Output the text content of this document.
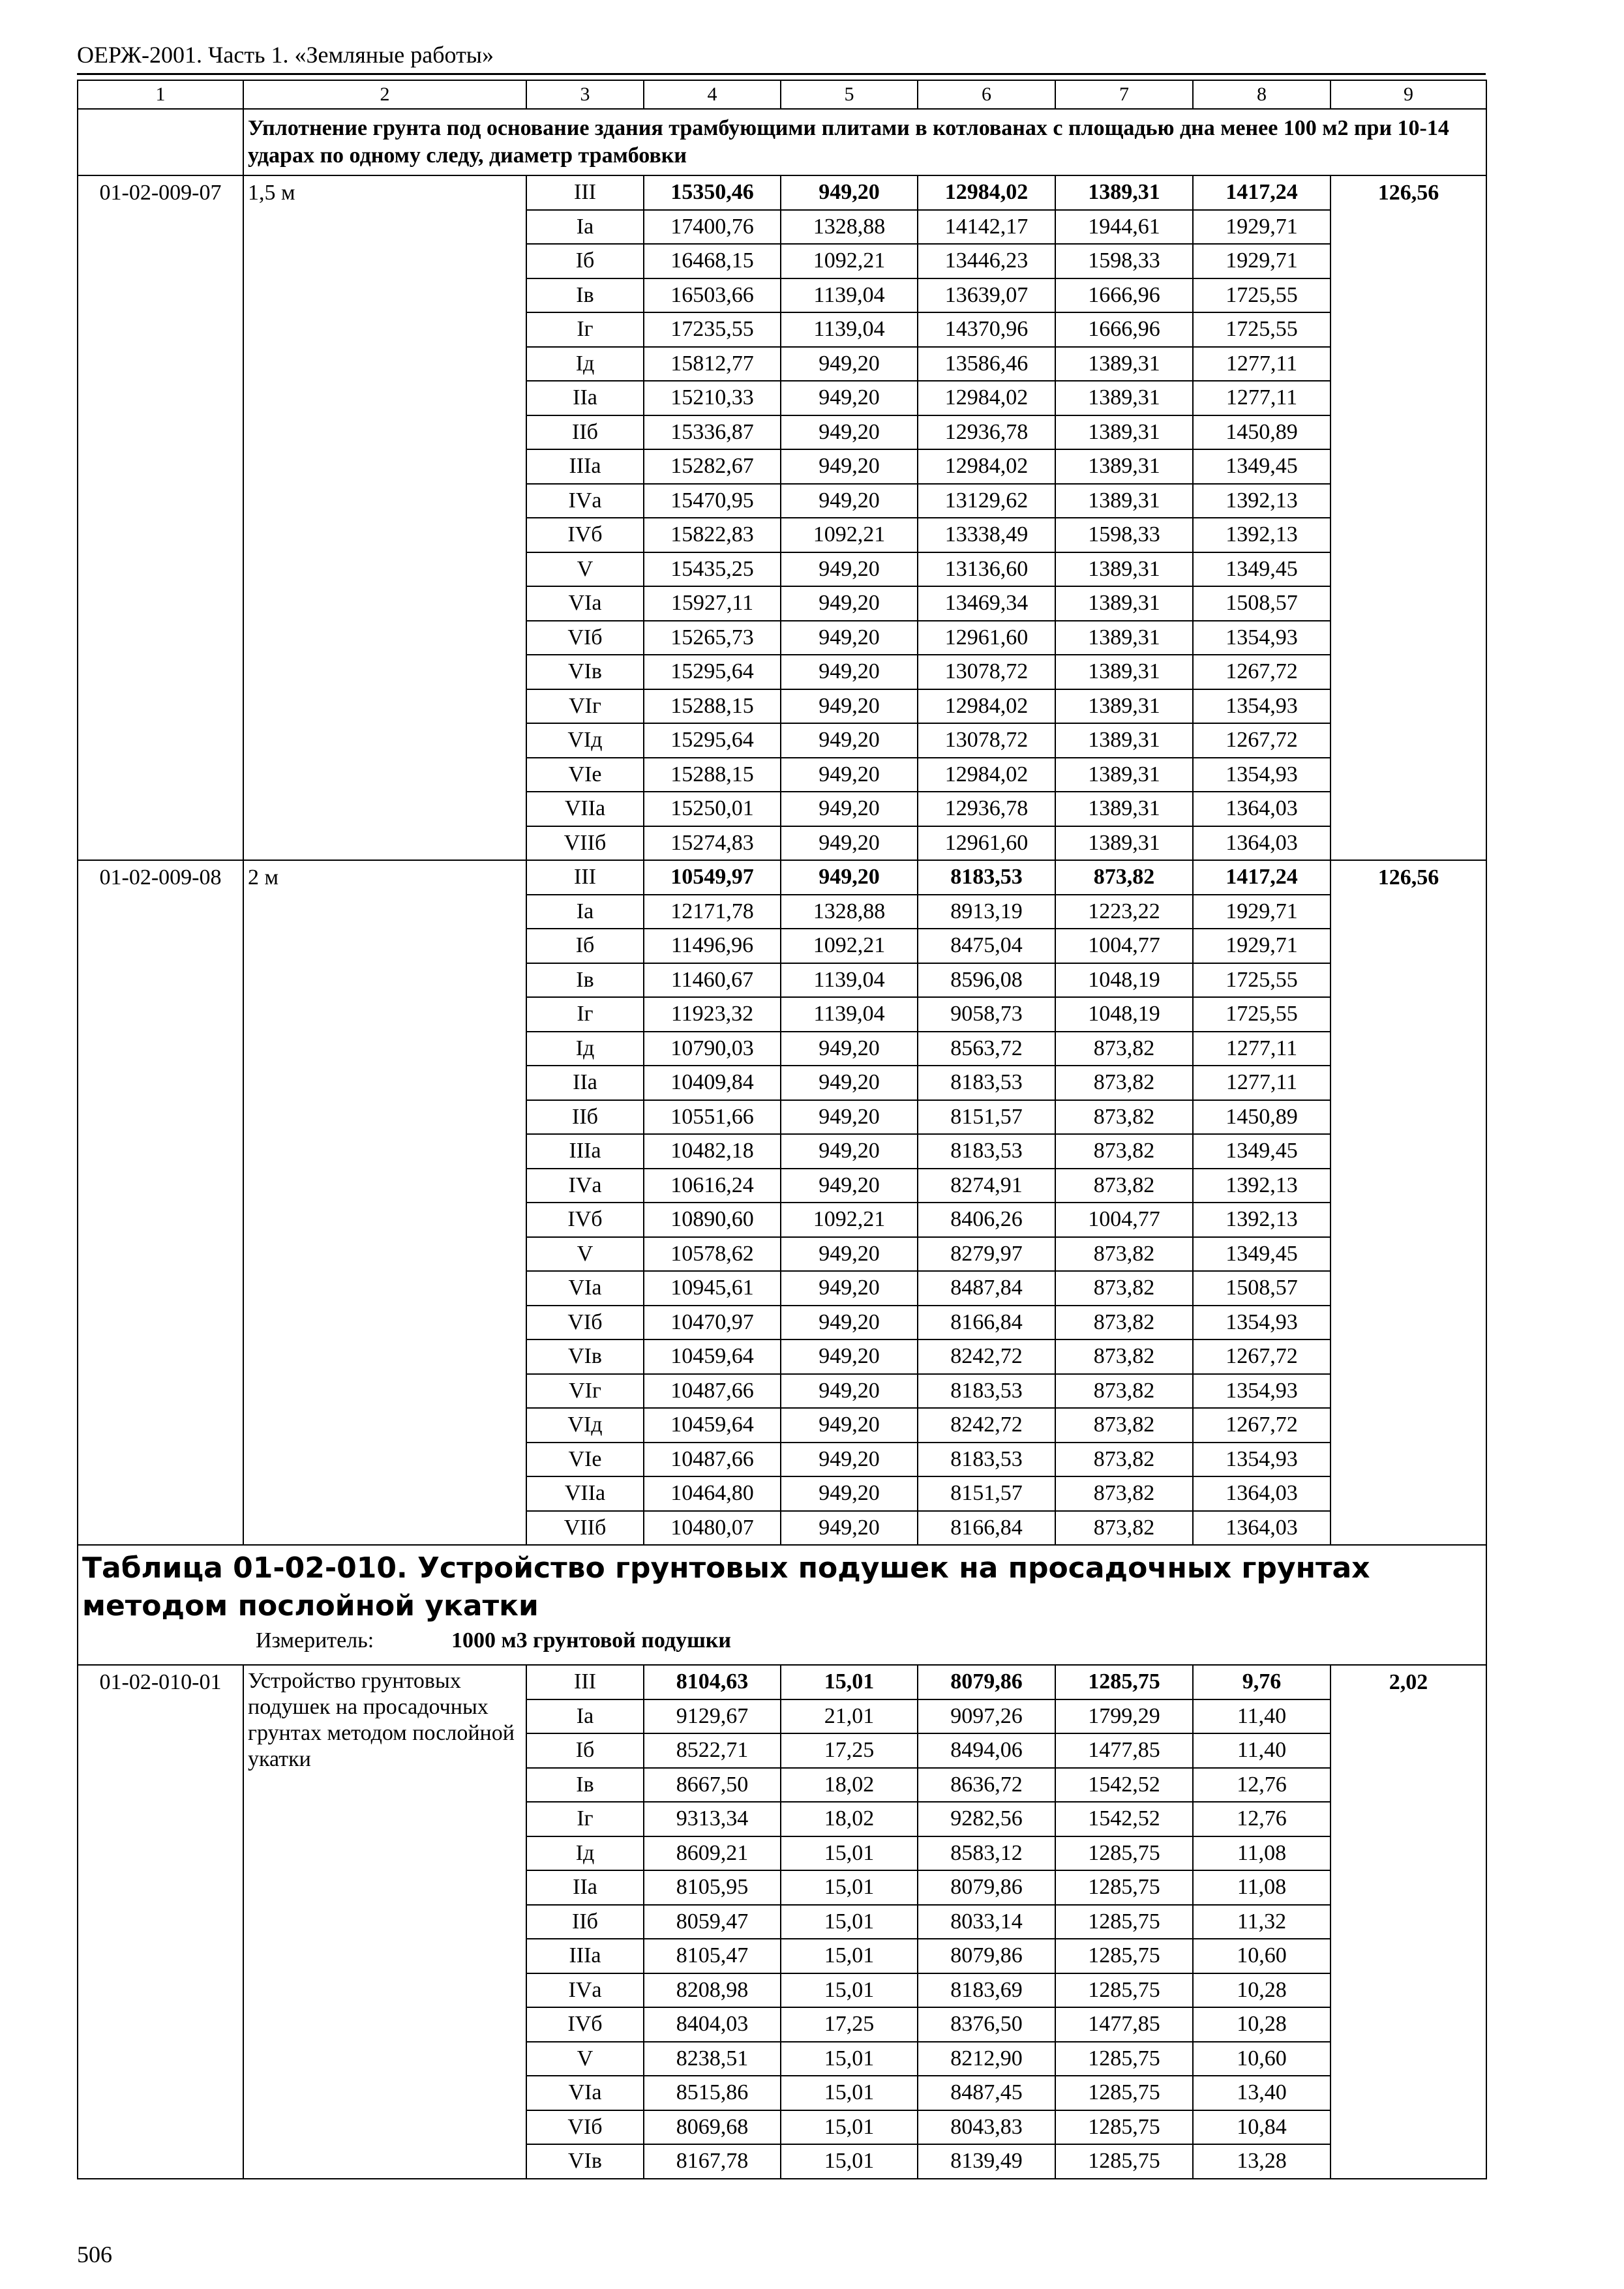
ОЕРЖ-2001. Часть 1. «Земляные работы»
1	2	3	4	5	6	7	8	9
	Уплотнение грунта под основание здания трамбующими плитами в котлованах с площадью дна менее 100 м2 при 10-14 ударах по одному следу, диаметр трамбовки							
01-02-009-07	1,5 м	III	15350,46	949,20	12984,02	1389,31	1417,24	126,56
		Iа	17400,76	1328,88	14142,17	1944,61	1929,71	
		Iб	16468,15	1092,21	13446,23	1598,33	1929,71	
		Iв	16503,66	1139,04	13639,07	1666,96	1725,55	
		Iг	17235,55	1139,04	14370,96	1666,96	1725,55	
		Iд	15812,77	949,20	13586,46	1389,31	1277,11	
		IIа	15210,33	949,20	12984,02	1389,31	1277,11	
		IIб	15336,87	949,20	12936,78	1389,31	1450,89	
		IIIа	15282,67	949,20	12984,02	1389,31	1349,45	
		IVа	15470,95	949,20	13129,62	1389,31	1392,13	
		IVб	15822,83	1092,21	13338,49	1598,33	1392,13	
		V	15435,25	949,20	13136,60	1389,31	1349,45	
		VIа	15927,11	949,20	13469,34	1389,31	1508,57	
		VIб	15265,73	949,20	12961,60	1389,31	1354,93	
		VIв	15295,64	949,20	13078,72	1389,31	1267,72	
		VIг	15288,15	949,20	12984,02	1389,31	1354,93	
		VIд	15295,64	949,20	13078,72	1389,31	1267,72	
		VIе	15288,15	949,20	12984,02	1389,31	1354,93	
		VIIа	15250,01	949,20	12936,78	1389,31	1364,03	
		VIIб	15274,83	949,20	12961,60	1389,31	1364,03	
01-02-009-08	2 м	III	10549,97	949,20	8183,53	873,82	1417,24	126,56
		Iа	12171,78	1328,88	8913,19	1223,22	1929,71	
		Iб	11496,96	1092,21	8475,04	1004,77	1929,71	
		Iв	11460,67	1139,04	8596,08	1048,19	1725,55	
		Iг	11923,32	1139,04	9058,73	1048,19	1725,55	
		Iд	10790,03	949,20	8563,72	873,82	1277,11	
		IIа	10409,84	949,20	8183,53	873,82	1277,11	
		IIб	10551,66	949,20	8151,57	873,82	1450,89	
		IIIа	10482,18	949,20	8183,53	873,82	1349,45	
		IVа	10616,24	949,20	8274,91	873,82	1392,13	
		IVб	10890,60	1092,21	8406,26	1004,77	1392,13	
		V	10578,62	949,20	8279,97	873,82	1349,45	
		VIа	10945,61	949,20	8487,84	873,82	1508,57	
		VIб	10470,97	949,20	8166,84	873,82	1354,93	
		VIв	10459,64	949,20	8242,72	873,82	1267,72	
		VIг	10487,66	949,20	8183,53	873,82	1354,93	
		VIд	10459,64	949,20	8242,72	873,82	1267,72	
		VIе	10487,66	949,20	8183,53	873,82	1354,93	
		VIIа	10464,80	949,20	8151,57	873,82	1364,03	
		VIIб	10480,07	949,20	8166,84	873,82	1364,03	

Таблица 01-02-010. Устройство грунтовых подушек на просадочных грунтах методом послойной укатки
Измеритель: 1000 м3 грунтовой подушки								

01-02-010-01	Устройство грунтовых подушек на просадочных грунтах методом послойной укатки	III	8104,63	15,01	8079,86	1285,75	9,76	2,02
		Iа	9129,67	21,01	9097,26	1799,29	11,40	
		Iб	8522,71	17,25	8494,06	1477,85	11,40	
		Iв	8667,50	18,02	8636,72	1542,52	12,76	
		Iг	9313,34	18,02	9282,56	1542,52	12,76	
		Iд	8609,21	15,01	8583,12	1285,75	11,08	
		IIа	8105,95	15,01	8079,86	1285,75	11,08	
		IIб	8059,47	15,01	8033,14	1285,75	11,32	
		IIIа	8105,47	15,01	8079,86	1285,75	10,60	
		IVа	8208,98	15,01	8183,69	1285,75	10,28	
		IVб	8404,03	17,25	8376,50	1477,85	10,28	
		V	8238,51	15,01	8212,90	1285,75	10,60	
		VIа	8515,86	15,01	8487,45	1285,75	13,40	
		VIб	8069,68	15,01	8043,83	1285,75	10,84	
		VIв	8167,78	15,01	8139,49	1285,75	13,28	
506
